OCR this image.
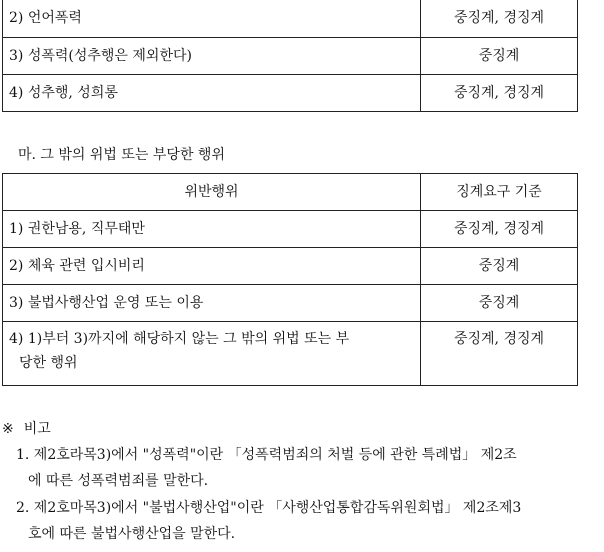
2) 언어폭력	중징계, 경징계
3) 성폭력(성추행은 제외한다)	중징계
4) 성추행, 성희롱	중징계, 경징계
마. 그 밖의 위법 또는 부당한 행위
위반행위	징계요구 기준
1) 권한남용, 직무태만	중징계, 경징계
2) 체육 관련 입시비리	중징계
3) 불법사행산업 운영 또는 이용	중징계

4) 1)부터 3)까지에 해당하지 않는 그 밖의 위법 또는 부
당한 행위	중징계, 경징계
※ 비고
1. 제2호라목3)에서 "성폭력"이란 「성폭력범죄의 처벌 등에 관한 특례법」 제2조
에 따른 성폭력범죄를 말한다.
2. 제2호마목3)에서 "불법사행산업"이란 「사행산업통합감독위원회법」 제2조제3
호에 따른 불법사행산업을 말한다.
